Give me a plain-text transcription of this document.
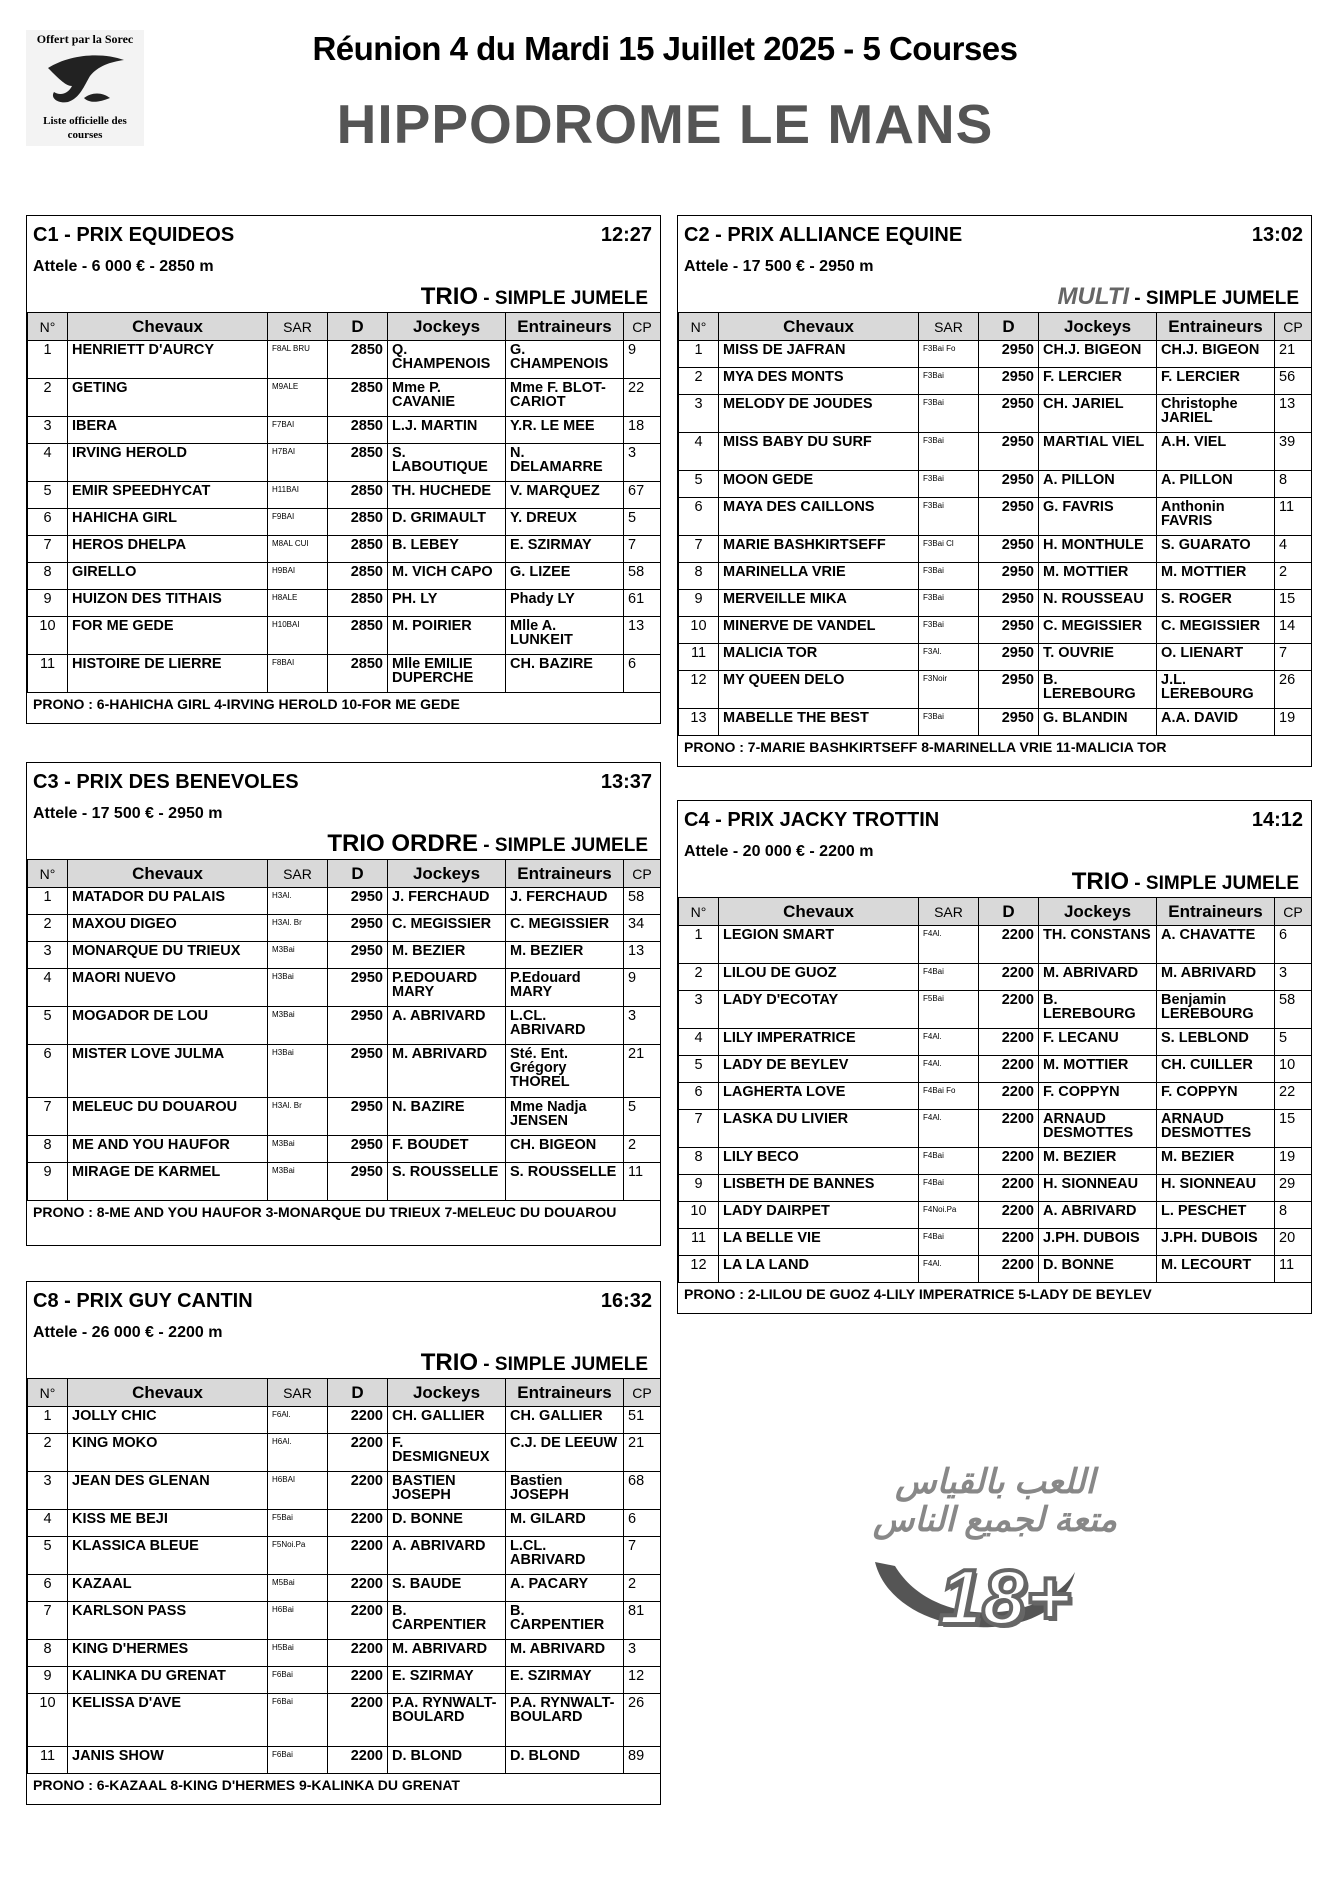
Offert par la Sorec
Liste officielle des courses
Réunion 4 du Mardi 15 Juillet 2025 - 5 Courses
HIPPODROME LE MANS
C1 - PRIX EQUIDEOS	12:27
Attele - 6 000 € - 2850 m
TRIO - SIMPLE JUMELE
N°	Chevaux	SAR	D	Jockeys	Entraineurs	CP
1	HENRIETT D'AURCY	F8AL BRU	2850	Q. CHAMPENOIS	G. CHAMPENOIS	9
2	GETING	M9ALE	2850	Mme P. CAVANIE	Mme F. BLOT-CARIOT	22
3	IBERA	F7BAI	2850	L.J. MARTIN	Y.R. LE MEE	18
4	IRVING HEROLD	H7BAI	2850	S. LABOUTIQUE	N. DELAMARRE	3
5	EMIR SPEEDHYCAT	H11BAI	2850	TH. HUCHEDE	V. MARQUEZ	67
6	HAHICHA GIRL	F9BAI	2850	D. GRIMAULT	Y. DREUX	5
7	HEROS DHELPA	M8AL CUI	2850	B. LEBEY	E. SZIRMAY	7
8	GIRELLO	H9BAI	2850	M. VICH CAPO	G. LIZEE	58
9	HUIZON DES TITHAIS	H8ALE	2850	PH. LY	Phady LY	61
10	FOR ME GEDE	H10BAI	2850	M. POIRIER	Mlle A. LUNKEIT	13
11	HISTOIRE DE LIERRE	F8BAI	2850	Mlle EMILIE DUPERCHE	CH. BAZIRE	6
PRONO : 6-HAHICHA GIRL 4-IRVING HEROLD 10-FOR ME GEDE
C2 - PRIX ALLIANCE EQUINE	13:02
Attele - 17 500 € - 2950 m
MULTI - SIMPLE JUMELE
N°	Chevaux	SAR	D	Jockeys	Entraineurs	CP
1	MISS DE JAFRAN	F3Bai Fo	2950	CH.J. BIGEON	CH.J. BIGEON	21
2	MYA DES MONTS	F3Bai	2950	F. LERCIER	F. LERCIER	56
3	MELODY DE JOUDES	F3Bai	2950	CH. JARIEL	Christophe JARIEL	13
4	MISS BABY DU SURF	F3Bai	2950	MARTIAL VIEL	A.H. VIEL	39
5	MOON GEDE	F3Bai	2950	A. PILLON	A. PILLON	8
6	MAYA DES CAILLONS	F3Bai	2950	G. FAVRIS	Anthonin FAVRIS	11
7	MARIE BASHKIRTSEFF	F3Bai Cl	2950	H. MONTHULE	S. GUARATO	4
8	MARINELLA VRIE	F3Bai	2950	M. MOTTIER	M. MOTTIER	2
9	MERVEILLE MIKA	F3Bai	2950	N. ROUSSEAU	S. ROGER	15
10	MINERVE DE VANDEL	F3Bai	2950	C. MEGISSIER	C. MEGISSIER	14
11	MALICIA TOR	F3Al.	2950	T. OUVRIE	O. LIENART	7
12	MY QUEEN DELO	F3Noir	2950	B. LEREBOURG	J.L. LEREBOURG	26
13	MABELLE THE BEST	F3Bai	2950	G. BLANDIN	A.A. DAVID	19
PRONO : 7-MARIE BASHKIRTSEFF 8-MARINELLA VRIE 11-MALICIA TOR
C3 - PRIX DES BENEVOLES	13:37
Attele - 17 500 € - 2950 m
TRIO ORDRE - SIMPLE JUMELE
N°	Chevaux	SAR	D	Jockeys	Entraineurs	CP
1	MATADOR DU PALAIS	H3Al.	2950	J. FERCHAUD	J. FERCHAUD	58
2	MAXOU DIGEO	H3Al. Br	2950	C. MEGISSIER	C. MEGISSIER	34
3	MONARQUE DU TRIEUX	M3Bai	2950	M. BEZIER	M. BEZIER	13
4	MAORI NUEVO	H3Bai	2950	P.EDOUARD MARY	P.Edouard MARY	9
5	MOGADOR DE LOU	M3Bai	2950	A. ABRIVARD	L.CL. ABRIVARD	3
6	MISTER LOVE JULMA	H3Bai	2950	M. ABRIVARD	Sté. Ent. Grégory THOREL	21
7	MELEUC DU DOUAROU	H3Al. Br	2950	N. BAZIRE	Mme Nadja JENSEN	5
8	ME AND YOU HAUFOR	M3Bai	2950	F. BOUDET	CH. BIGEON	2
9	MIRAGE DE KARMEL	M3Bai	2950	S. ROUSSELLE	S. ROUSSELLE	11
PRONO : 8-ME AND YOU HAUFOR 3-MONARQUE DU TRIEUX 7-MELEUC DU DOUAROU
C4 - PRIX JACKY TROTTIN	14:12
Attele - 20 000 € - 2200 m
TRIO - SIMPLE JUMELE
N°	Chevaux	SAR	D	Jockeys	Entraineurs	CP
1	LEGION SMART	F4Al.	2200	TH. CONSTANS	A. CHAVATTE	6
2	LILOU DE GUOZ	F4Bai	2200	M. ABRIVARD	M. ABRIVARD	3
3	LADY D'ECOTAY	F5Bai	2200	B. LEREBOURG	Benjamin LEREBOURG	58
4	LILY IMPERATRICE	F4Al.	2200	F. LECANU	S. LEBLOND	5
5	LADY DE BEYLEV	F4Al.	2200	M. MOTTIER	CH. CUILLER	10
6	LAGHERTA LOVE	F4Bai Fo	2200	F. COPPYN	F. COPPYN	22
7	LASKA DU LIVIER	F4Al.	2200	ARNAUD DESMOTTES	ARNAUD DESMOTTES	15
8	LILY BECO	F4Bai	2200	M. BEZIER	M. BEZIER	19
9	LISBETH DE BANNES	F4Bai	2200	H. SIONNEAU	H. SIONNEAU	29
10	LADY DAIRPET	F4Noi.Pa	2200	A. ABRIVARD	L. PESCHET	8
11	LA BELLE VIE	F4Bai	2200	J.PH. DUBOIS	J.PH. DUBOIS	20
12	LA LA LAND	F4Al.	2200	D. BONNE	M. LECOURT	11
PRONO : 2-LILOU DE GUOZ 4-LILY IMPERATRICE 5-LADY DE BEYLEV
C8 - PRIX GUY CANTIN	16:32
Attele - 26 000 € - 2200 m
TRIO - SIMPLE JUMELE
N°	Chevaux	SAR	D	Jockeys	Entraineurs	CP
1	JOLLY CHIC	F6Al.	2200	CH. GALLIER	CH. GALLIER	51
2	KING MOKO	H6Al.	2200	F. DESMIGNEUX	C.J. DE LEEUW	21
3	JEAN DES GLENAN	H6BAI	2200	BASTIEN JOSEPH	Bastien JOSEPH	68
4	KISS ME BEJI	F5Bai	2200	D. BONNE	M. GILARD	6
5	KLASSICA BLEUE	F5Noi.Pa	2200	A. ABRIVARD	L.CL. ABRIVARD	7
6	KAZAAL	M5Bai	2200	S. BAUDE	A. PACARY	2
7	KARLSON PASS	H6Bai	2200	B. CARPENTIER	B. CARPENTIER	81
8	KING D'HERMES	H5Bai	2200	M. ABRIVARD	M. ABRIVARD	3
9	KALINKA DU GRENAT	F6Bai	2200	E. SZIRMAY	E. SZIRMAY	12
10	KELISSA D'AVE	F6Bai	2200	P.A. RYNWALT-BOULARD	P.A. RYNWALT-BOULARD	26
11	JANIS SHOW	F6Bai	2200	D. BLOND	D. BLOND	89
PRONO : 6-KAZAAL 8-KING D'HERMES 9-KALINKA DU GRENAT
اللعب بالقياس
متعة لجميع الناس
18+
